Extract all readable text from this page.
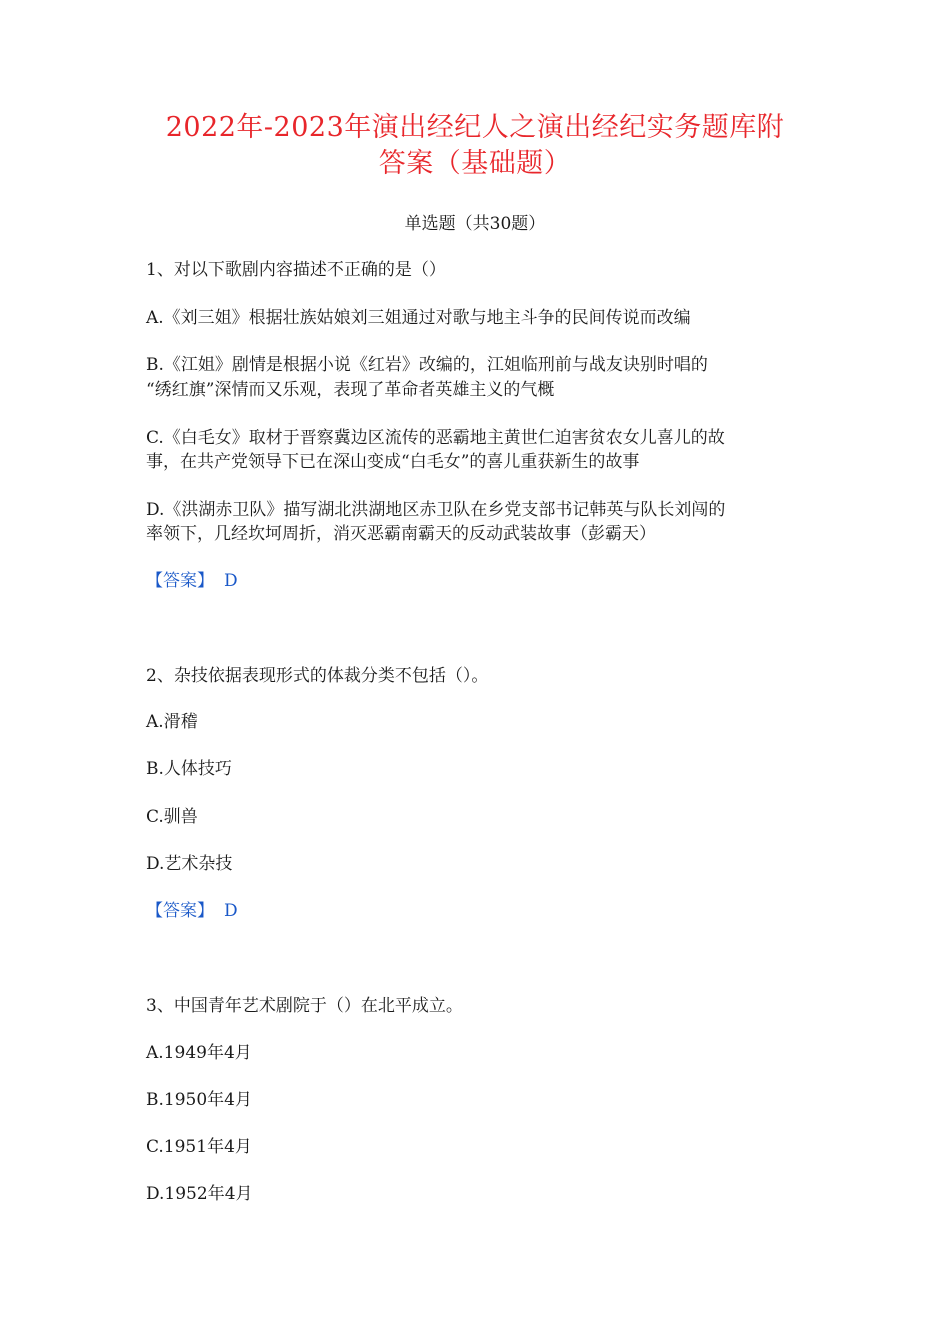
2022年-2023年演出经纪人之演出经纪实务题库附
答案（基础题）
单选题（共30题）
1、对以下歌剧内容描述不正确的是（）
A.《刘三姐》根据壮族姑娘刘三姐通过对歌与地主斗争的民间传说而改编
B.《江姐》剧情是根据小说《红岩》改编的，江姐临刑前与战友诀别时唱的
“绣红旗”深情而又乐观，表现了革命者英雄主义的气概
C.《白毛女》取材于晋察冀边区流传的恶霸地主黄世仁迫害贫农女儿喜儿的故
事，在共产党领导下已在深山变成“白毛女”的喜儿重获新生的故事
D.《洪湖赤卫队》描写湖北洪湖地区赤卫队在乡党支部书记韩英与队长刘闯的
率领下，几经坎坷周折，消灭恶霸南霸天的反动武装故事（彭霸天）
【答案】 D
2、杂技依据表现形式的体裁分类不包括（）。
A.滑稽
B.人体技巧
C.驯兽
D.艺术杂技
【答案】 D
3、中国青年艺术剧院于（）在北平成立。
A.1949年4月
B.1950年4月
C.1951年4月
D.1952年4月
